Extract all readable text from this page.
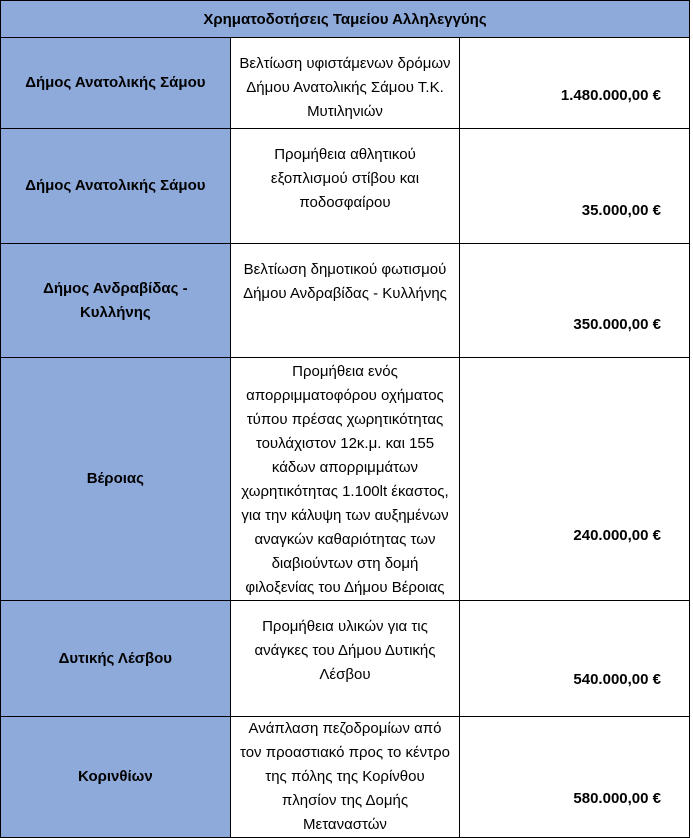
Χρηματοδοτήσεις Ταμείου Αλληλεγγύης		
Δήμος Ανατολικής Σάμου	Βελτίωση υφιστάμενων δρόμων Δήμου Ανατολικής Σάμου Τ.Κ. Μυτιληνιών	1.480.000,00 €
Δήμος Ανατολικής Σάμου	Προμήθεια αθλητικού εξοπλισμού στίβου και ποδοσφαίρου	35.000,00 €
Δήμος Ανδραβίδας - Κυλλήνης	Βελτίωση δημοτικού φωτισμού Δήμου Ανδραβίδας - Κυλλήνης	350.000,00 €
Βέροιας	Προμήθεια ενός απορριμματοφόρου οχήματος τύπου πρέσας χωρητικότητας τουλάχιστον 12κ.μ. και 155 κάδων απορριμμάτων χωρητικότητας 1.100lt έκαστος, για την κάλυψη των αυξημένων αναγκών καθαριότητας των διαβιούντων στη δομή φιλοξενίας του Δήμου Βέροιας	240.000,00 €
Δυτικής Λέσβου	Προμήθεια υλικών για τις ανάγκες του Δήμου Δυτικής Λέσβου	540.000,00 €
Κορινθίων	Ανάπλαση πεζοδρομίων από τον προαστιακό προς το κέντρο της πόλης της Κορίνθου πλησίον της Δομής Μεταναστών	580.000,00 €
